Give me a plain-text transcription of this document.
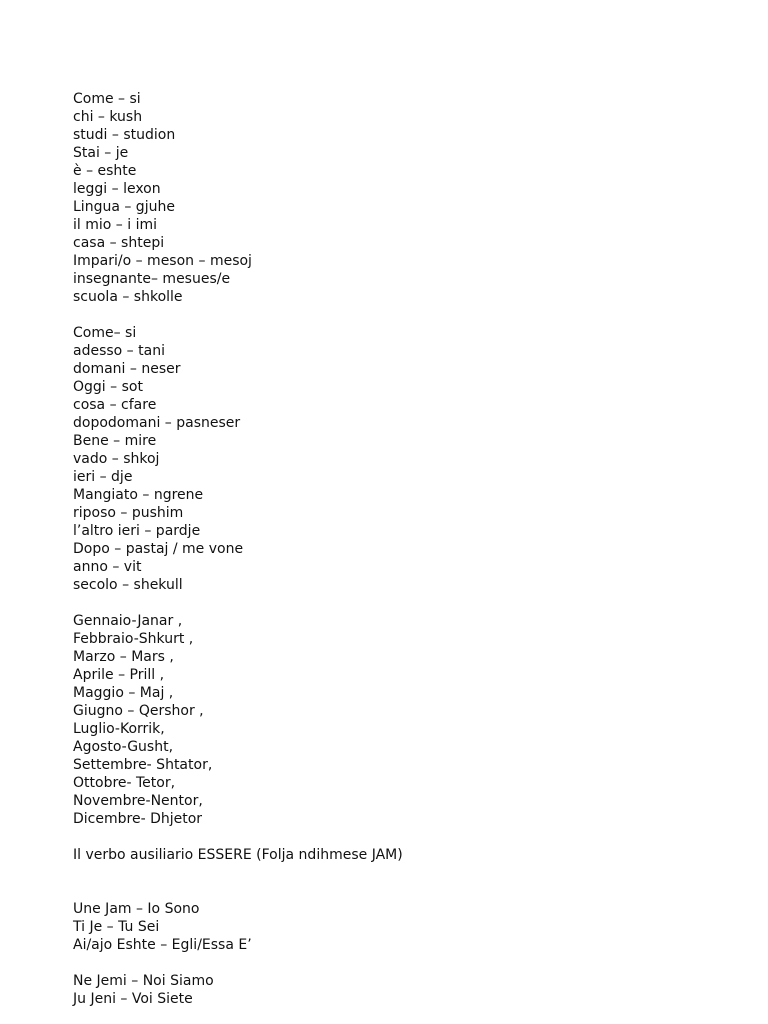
Come – si
chi – kush
studi – studion
Stai – je
è – eshte
leggi – lexon
Lingua – gjuhe
il mio – i imi
casa – shtepi
Impari/o – meson – mesoj
insegnante– mesues/e
scuola – shkolle
Come– si
adesso – tani
domani – neser
Oggi – sot
cosa – cfare
dopodomani – pasneser
Bene – mire
vado – shkoj
ieri – dje
Mangiato – ngrene
riposo – pushim
l’altro ieri – pardje
Dopo – pastaj / me vone
anno – vit
secolo – shekull
Gennaio-Janar ,
Febbraio-Shkurt ,
Marzo – Mars ,
Aprile – Prill ,
Maggio – Maj ,
Giugno – Qershor ,
Luglio-Korrik,
Agosto-Gusht,
Settembre- Shtator,
Ottobre- Tetor,
Novembre-Nentor,
Dicembre- Dhjetor
Il verbo ausiliario ESSERE (Folja ndihmese JAM)
Une Jam – Io Sono
Ti Je – Tu Sei
Ai/ajo Eshte – Egli/Essa E’
Ne Jemi – Noi Siamo
Ju Jeni – Voi Siete
